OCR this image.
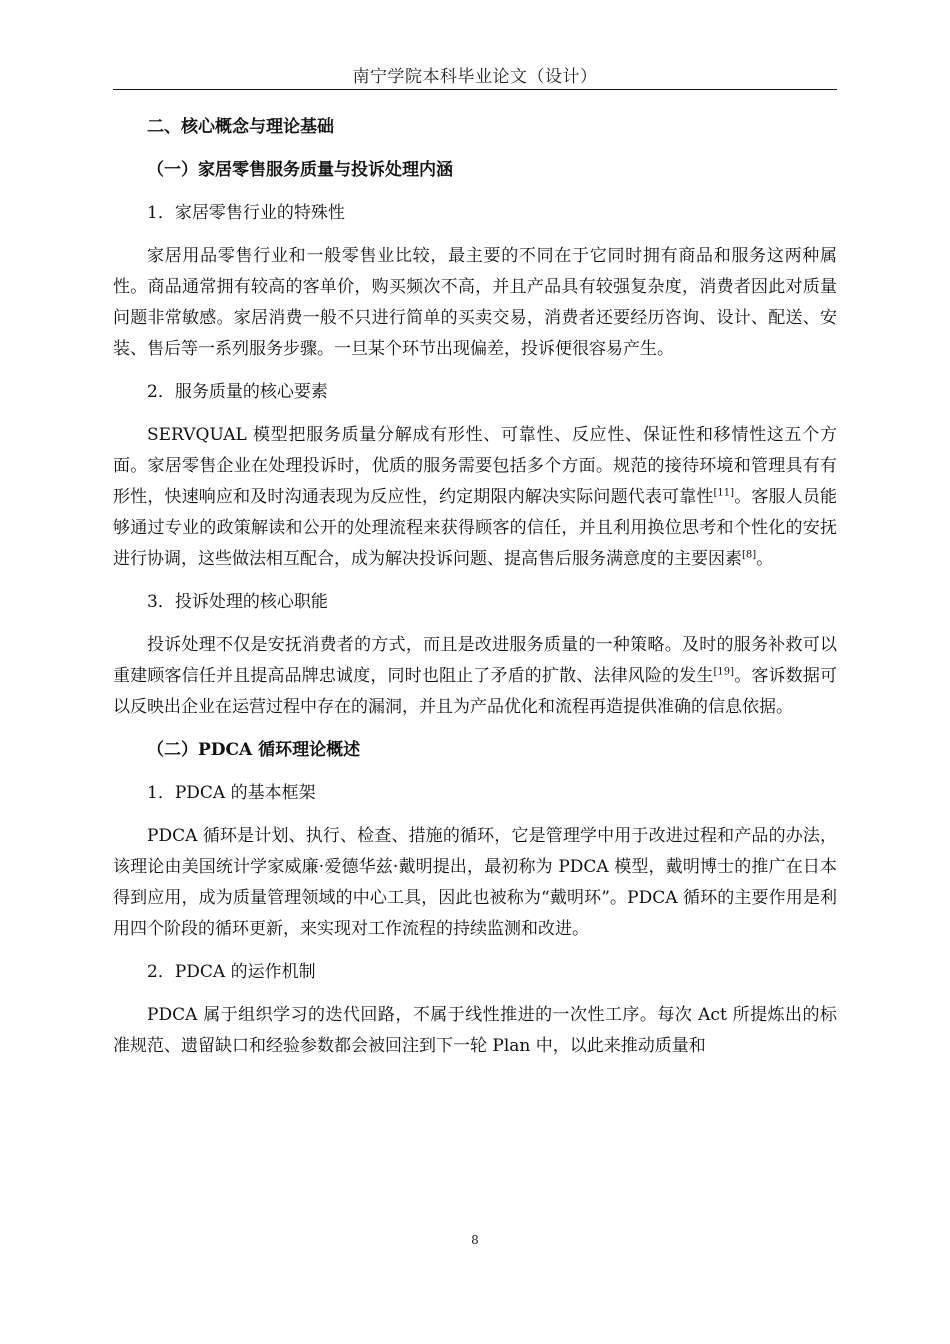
南宁学院本科毕业论文（设计）

二、核心概念与理论基础

（一）家居零售服务质量与投诉处理内涵

1．家居零售行业的特殊性

家居用品零售行业和一般零售业比较，最主要的不同在于它同时拥有商品和服务这两种属性。商品通常拥有较高的客单价，购买频次不高，并且产品具有较强复杂度，消费者因此对质量问题非常敏感。家居消费一般不只进行简单的买卖交易，消费者还要经历咨询、设计、配送、安装、售后等一系列服务步骤。一旦某个环节出现偏差，投诉便很容易产生。

2．服务质量的核心要素

SERVQUAL 模型把服务质量分解成有形性、可靠性、反应性、保证性和移情性这五个方面。家居零售企业在处理投诉时，优质的服务需要包括多个方面。规范的接待环境和管理具有有形性，快速响应和及时沟通表现为反应性，约定期限内解决实际问题代表可靠性[11]。客服人员能够通过专业的政策解读和公开的处理流程来获得顾客的信任，并且利用换位思考和个性化的安抚进行协调，这些做法相互配合，成为解决投诉问题、提高售后服务满意度的主要因素[8]。

3．投诉处理的核心职能

投诉处理不仅是安抚消费者的方式，而且是改进服务质量的一种策略。及时的服务补救可以重建顾客信任并且提高品牌忠诚度，同时也阻止了矛盾的扩散、法律风险的发生[19]。客诉数据可以反映出企业在运营过程中存在的漏洞，并且为产品优化和流程再造提供准确的信息依据。

（二）PDCA 循环理论概述

1．PDCA 的基本框架

PDCA 循环是计划、执行、检查、措施的循环，它是管理学中用于改进过程和产品的办法，该理论由美国统计学家威廉·爱德华兹·戴明提出，最初称为 PDCA 模型，戴明博士的推广在日本得到应用，成为质量管理领域的中心工具，因此也被称为“戴明环”。PDCA 循环的主要作用是利用四个阶段的循环更新，来实现对工作流程的持续监测和改进。

2．PDCA 的运作机制

PDCA 属于组织学习的迭代回路，不属于线性推进的一次性工序。每次 Act 所提炼出的标准规范、遗留缺口和经验参数都会被回注到下一轮 Plan 中，以此来推动质量和

8
